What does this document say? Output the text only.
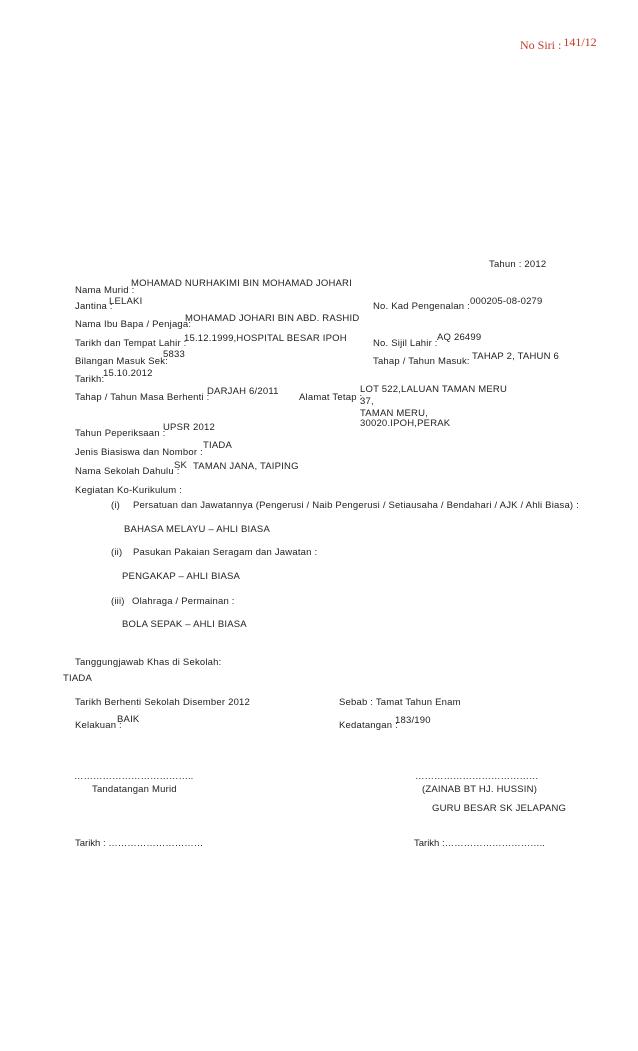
No Siri : 141/12
Tahun : 2012
Nama Murid :
MOHAMAD NURHAKIMI BIN MOHAMAD JOHARI
Jantina :
LELAKI	No. Kad Pengenalan : 000205-08-0279
Nama Ibu Bapa / Penjaga:
MOHAMAD JOHARI BIN ABD. RASHID
Tarikh dan Tempat Lahir :
15.12.1999,HOSPITAL BESAR IPOH	No. Sijil Lahir :
AQ 26499
Bilangan Masuk Sek:
5833
Tahap / Tahun Masuk: TAHAP 2, TAHUN 6
Tarikh:
15.10.2012
Tahap / Tahun Masa Berhenti :
DARJAH 6/2011
Alamat Tetap :
LOT 522,LALUAN TAMAN MERU
37,
TAMAN MERU,
30020.IPOH,PERAK
Tahun Peperiksaan :
UPSR 2012
Jenis Biasiswa dan Nombor :
TIADA
Nama Sekolah Dahulu :
SK TAMAN JANA, TAIPING
Kegiatan Ko-Kurikulum :
(i) Persatuan dan Jawatannya (Pengerusi / Naib Pengerusi / Setiausaha / Bendahari / AJK / Ahli Biasa) :
BAHASA MELAYU – AHLI BIASA
(ii) Pasukan Pakaian Seragam dan Jawatan :
PENGAKAP – AHLI BIASA
(iii) Olahraga / Permainan :
BOLA SEPAK – AHLI BIASA
Tanggungjawab Khas di Sekolah:
TIADA
Tarikh Berhenti Sekolah :
Disember 2012	Sebab : Tamat Tahun Enam
Kelakuan :
BAIK
Kedatangan :
183/190
………………………………..
Tandatangan Murid
…………………………………
(ZAINAB BT HJ. HUSSIN)
GURU BESAR SK JELAPANG
Tarikh : …………………………	Tarikh :…………………………..
